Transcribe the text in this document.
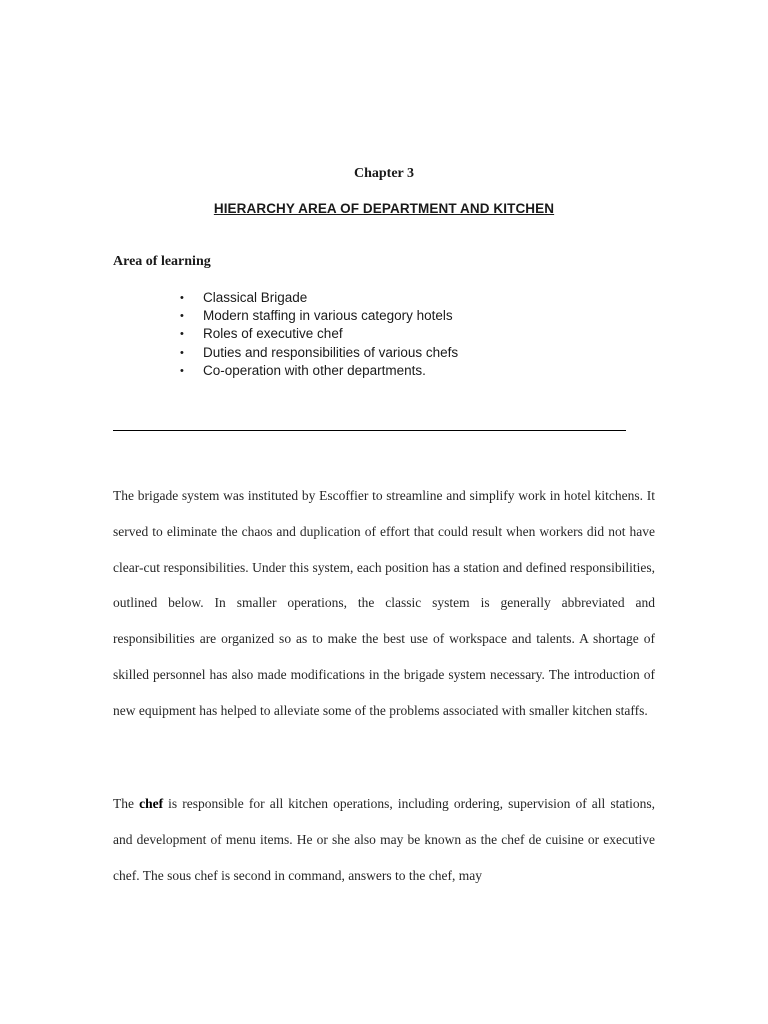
Chapter 3
HIERARCHY AREA OF DEPARTMENT AND KITCHEN
Area of learning
• Classical Brigade
• Modern staffing in various category hotels
• Roles of executive chef
• Duties and responsibilities of various chefs
• Co-operation with other departments.

The brigade system was instituted by Escoffier to streamline and simplify work in hotel kitchens. It served to eliminate the chaos and duplication of effort that could result when workers did not have clear-cut responsibilities. Under this system, each position has a station and defined responsibilities, outlined below. In smaller operations, the classic system is generally abbreviated and responsibilities are organized so as to make the best use of workspace and talents. A shortage of skilled personnel has also made modifications in the brigade system necessary. The introduction of new equipment has helped to alleviate some of the problems associated with smaller kitchen staffs.

The chef is responsible for all kitchen operations, including ordering, supervision of all stations, and development of menu items. He or she also may be known as the chef de cuisine or executive chef. The sous chef is second in command, answers to the chef, may
